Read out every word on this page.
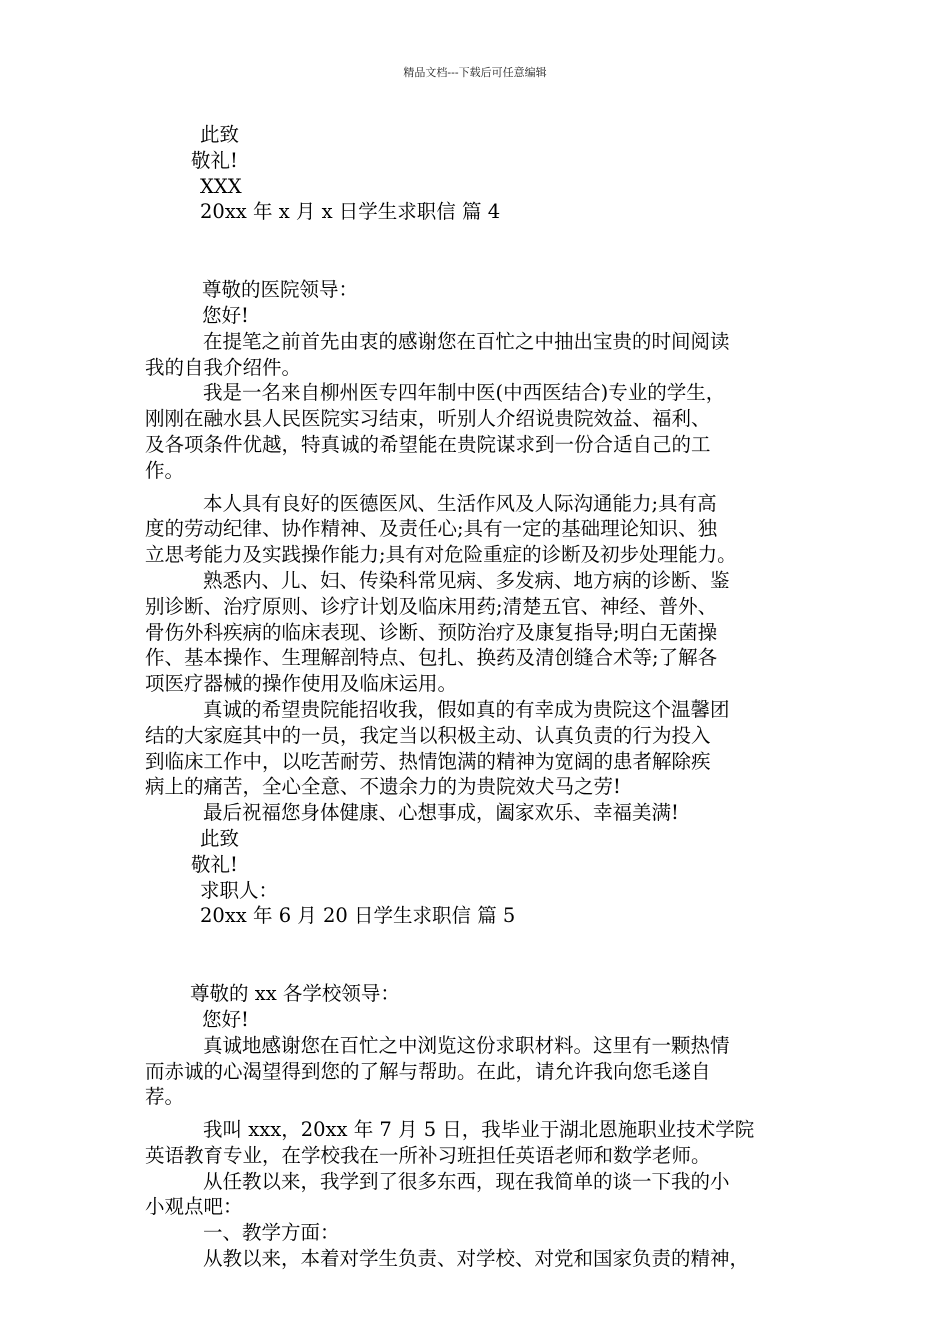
精品文档---下载后可任意编辑
此致
敬礼!
XXX
20xx 年 x 月 x 日学生求职信 篇 4
尊敬的医院领导：
您好!
在提笔之前首先由衷的感谢您在百忙之中抽出宝贵的时间阅读
我的自我介绍件。
我是一名来自柳州医专四年制中医(中西医结合)专业的学生，
刚刚在融水县人民医院实习结束，听别人介绍说贵院效益、福利、
及各项条件优越，特真诚的希望能在贵院谋求到一份合适自己的工
作。
本人具有良好的医德医风、生活作风及人际沟通能力;具有高
度的劳动纪律、协作精神、及责任心;具有一定的基础理论知识、独
立思考能力及实践操作能力;具有对危险重症的诊断及初步处理能力。
熟悉内、儿、妇、传染科常见病、多发病、地方病的诊断、鉴
别诊断、治疗原则、诊疗计划及临床用药;清楚五官、神经、普外、
骨伤外科疾病的临床表现、诊断、预防治疗及康复指导;明白无菌操
作、基本操作、生理解剖特点、包扎、换药及清创缝合术等;了解各
项医疗器械的操作使用及临床运用。
真诚的希望贵院能招收我，假如真的有幸成为贵院这个温馨团
结的大家庭其中的一员，我定当以积极主动、认真负责的行为投入
到临床工作中，以吃苦耐劳、热情饱满的精神为宽阔的患者解除疾
病上的痛苦，全心全意、不遗余力的为贵院效犬马之劳!
最后祝福您身体健康、心想事成，阖家欢乐、幸福美满!
此致
敬礼!
求职人：
20xx 年 6 月 20 日学生求职信 篇 5
尊敬的 xx 各学校领导：
您好!
真诚地感谢您在百忙之中浏览这份求职材料。这里有一颗热情
而赤诚的心渴望得到您的了解与帮助。在此，请允许我向您毛遂自
荐。
我叫 xxx，20xx 年 7 月 5 日，我毕业于湖北恩施职业技术学院
英语教育专业，在学校我在一所补习班担任英语老师和数学老师。
从任教以来，我学到了很多东西，现在我简单的谈一下我的小
小观点吧：
一、教学方面：
从教以来，本着对学生负责、对学校、对党和国家负责的精神，
